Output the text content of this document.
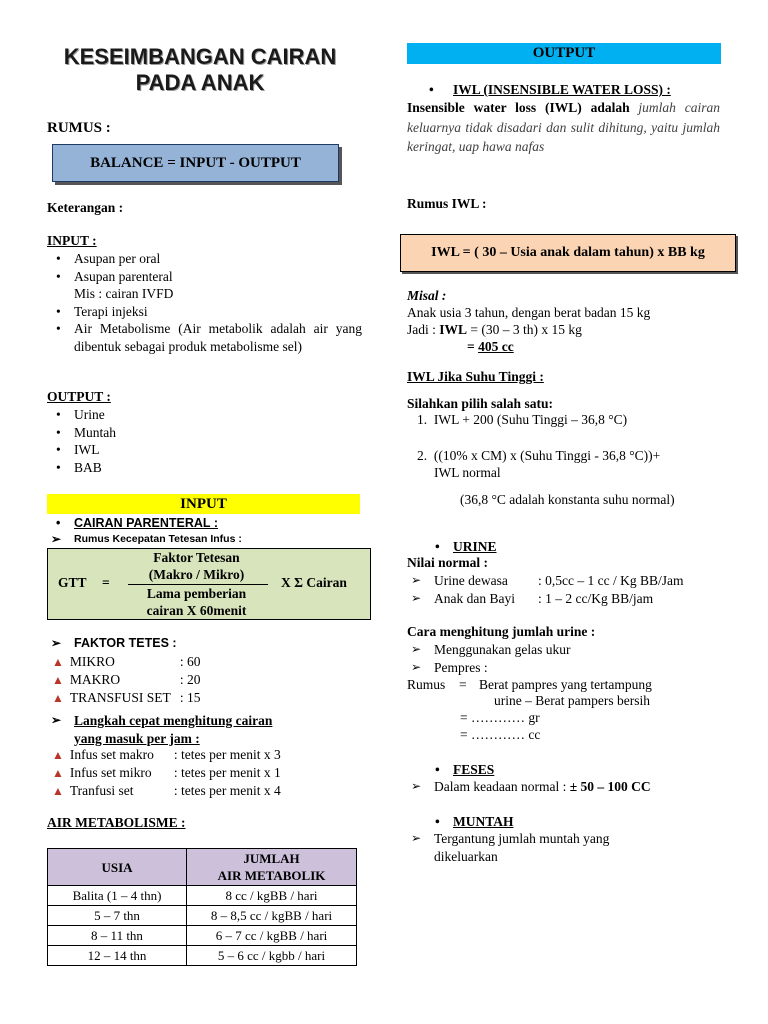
KESEIMBANGAN CAIRAN PADA ANAK
RUMUS :
BALANCE = INPUT - OUTPUT
Keterangan :
INPUT :
• Asupan per oral
• Asupan parenteral
Mis : cairan IVFD
• Terapi injeksi
• Air Metabolisme (Air metabolik adalah air yang dibentuk sebagai produk metabolisme sel)
OUTPUT :
• Urine
• Muntah
• IWL
• BAB
INPUT
• CAIRAN PARENTERAL :
➢ Rumus Kecepatan Tetesan Infus :
GTT =
Faktor Tetesan
(Makro / Mikro)
Lama pemberian
cairan X 60menit
X Σ Cairan
➢ FAKTOR TETES :
▲ MIKRO	: 60
▲ MAKRO	: 20
▲ TRANSFUSI SET : 15
➢ Langkah cepat menghitung cairan
yang masuk per jam :
▲ Infus set makro : tetes per menit x 3
▲ Infus set mikro : tetes per menit x 1
▲ Tranfusi set	: tetes per menit x 4
AIR METABOLISME :
USIA	JUMLAH
AIR METABOLIK

Balita (1 – 4 thn)	8 cc / kgBB / hari
5 – 7 thn	8 – 8,5 cc / kgBB / hari
8 – 11 thn	6 – 7 cc / kgBB / hari
12 – 14 thn	5 – 6 cc / kgbb / hari
OUTPUT
• IWL (INSENSIBLE WATER LOSS) :
Insensible water loss (IWL) adalah jumlah cairan keluarnya tidak disadari dan sulit dihitung, yaitu jumlah keringat, uap hawa nafas
Rumus IWL :
IWL = ( 30 – Usia anak dalam tahun) x BB kg
Misal :
Anak usia 3 tahun, dengan berat badan 15 kg
Jadi : IWL = (30 – 3 th) x 15 kg
= 405 cc
IWL Jika Suhu Tinggi :
Silahkan pilih salah satu:
1.  IWL + 200 (Suhu Tinggi – 36,8 °C)
2.  ((10% x CM) x (Suhu Tinggi - 36,8 °C))+
IWL normal
(36,8 °C adalah konstanta suhu normal)
• URINE
Nilai normal :
➢ Urine dewasa : 0,5cc – 1 cc / Kg BB/Jam
➢ Anak dan Bayi : 1 – 2 cc/Kg BB/jam
Cara menghitung jumlah urine :
➢ Menggunakan gelas ukur
➢ Pempres :
Rumus = Berat pampres yang tertampung
urine – Berat pampers bersih
= ………… gr
= ………… cc
• FESES
➢ Dalam keadaan normal : ± 50 – 100 CC
• MUNTAH
➢ Tergantung jumlah muntah yang dikeluarkan
